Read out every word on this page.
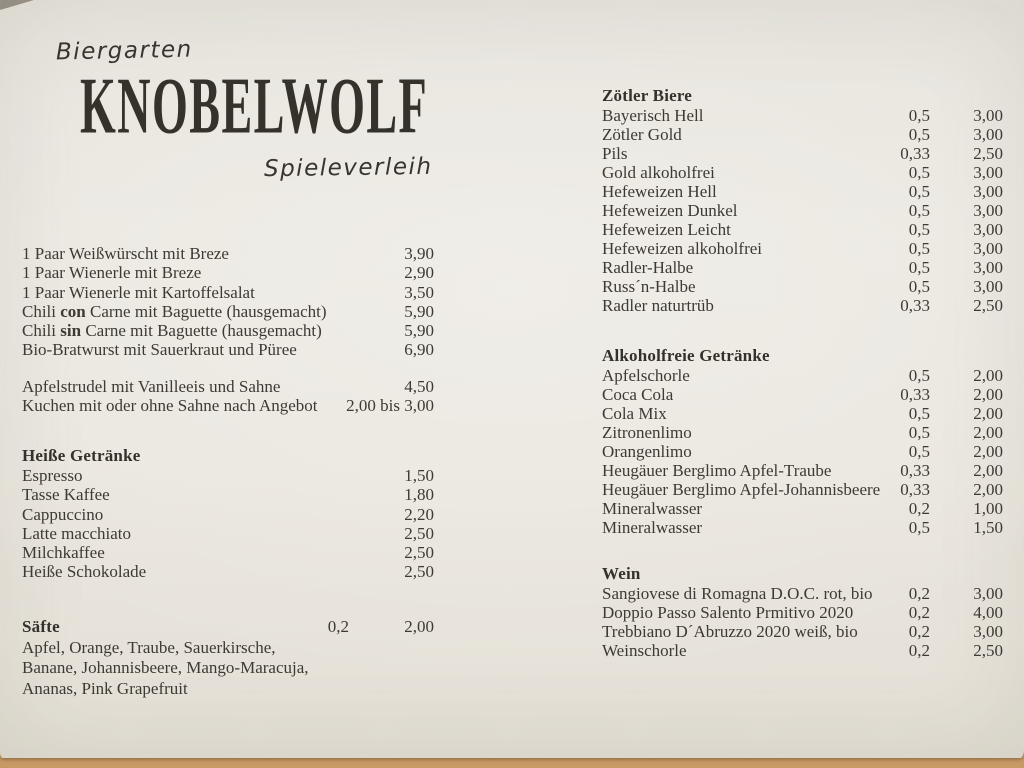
Biergarten
KNOBELWOLF
Spieleverleih
1 Paar Weißwürscht mit Breze	3,90
1 Paar Wienerle mit Breze	2,90
1 Paar Wienerle mit Kartoffelsalat	3,50
Chili con Carne mit Baguette (hausgemacht)	5,90
Chili sin Carne mit Baguette (hausgemacht)	5,90
Bio-Bratwurst mit Sauerkraut und Püree	6,90
Apfelstrudel mit Vanilleeis und Sahne	4,50
Kuchen mit oder ohne Sahne nach Angebot	2,00 bis 3,00
Heiße Getränke
Espresso	1,50
Tasse Kaffee	1,80
Cappuccino	2,20
Latte macchiato	2,50
Milchkaffee	2,50
Heiße Schokolade	2,50
Säfte	0,2	2,00
Apfel, Orange, Traube, Sauerkirsche,
Banane, Johannisbeere, Mango-Maracuja,
Ananas, Pink Grapefruit
Zötler Biere
Bayerisch Hell	0,5	3,00
Zötler Gold	0,5	3,00
Pils	0,33	2,50
Gold alkoholfrei	0,5	3,00
Hefeweizen Hell	0,5	3,00
Hefeweizen Dunkel	0,5	3,00
Hefeweizen Leicht	0,5	3,00
Hefeweizen alkoholfrei	0,5	3,00
Radler-Halbe	0,5	3,00
Russ´n-Halbe	0,5	3,00
Radler naturtrüb	0,33	2,50
Alkoholfreie Getränke
Apfelschorle	0,5	2,00
Coca Cola	0,33	2,00
Cola Mix	0,5	2,00
Zitronenlimo	0,5	2,00
Orangenlimo	0,5	2,00
Heugäuer Berglimo Apfel-Traube	0,33	2,00
Heugäuer Berglimo Apfel-Johannisbeere	0,33	2,00
Mineralwasser	0,2	1,00
Mineralwasser	0,5	1,50
Wein
Sangiovese di Romagna D.O.C. rot, bio	0,2	3,00
Doppio Passo Salento Prmitivo 2020	0,2	4,00
Trebbiano D´Abruzzo 2020 weiß, bio	0,2	3,00
Weinschorle	0,2	2,50
